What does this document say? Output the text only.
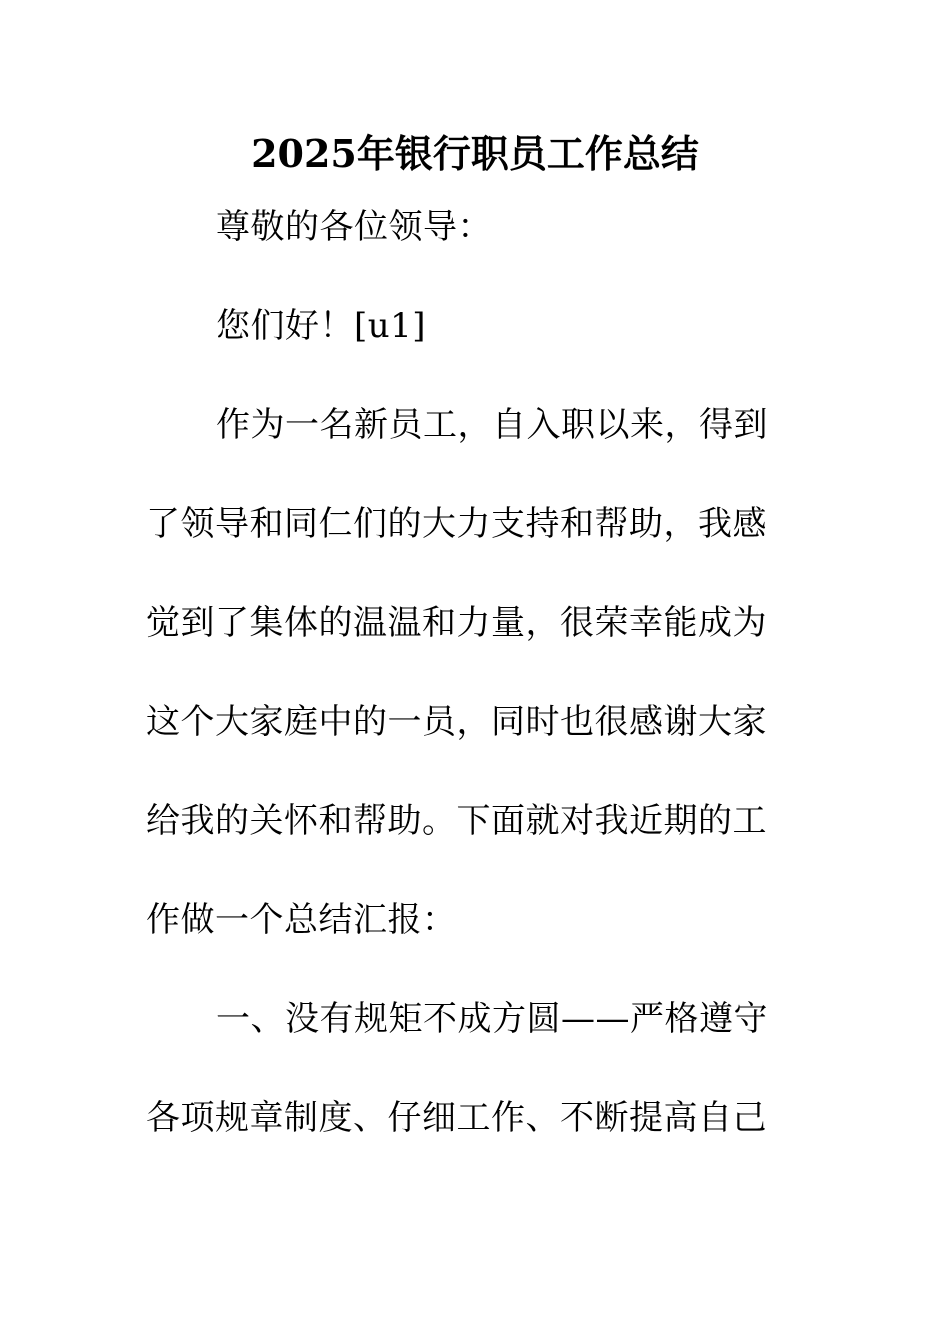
2025年银行职员工作总结
尊敬的各位领导：
您们好！[u1]
作为一名新员工，自入职以来，得到
了领导和同仁们的大力支持和帮助，我感
觉到了集体的温温和力量，很荣幸能成为
这个大家庭中的一员，同时也很感谢大家
给我的关怀和帮助。下面就对我近期的工
作做一个总结汇报：
一、没有规矩不成方圆——严格遵守
各项规章制度、仔细工作、不断提高自己
